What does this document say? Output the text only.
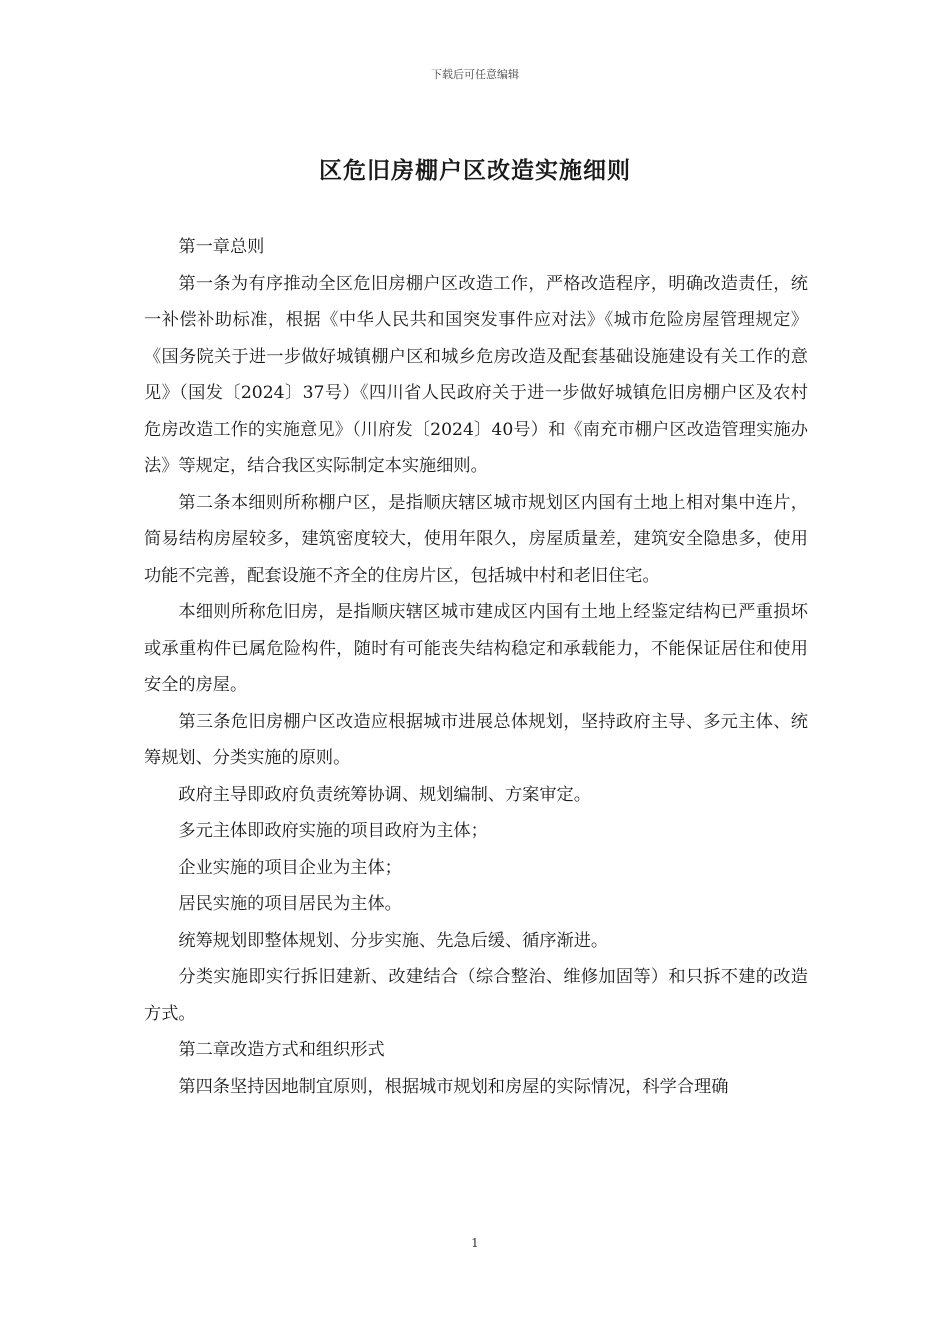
下载后可任意编辑
区危旧房棚户区改造实施细则

第一章总则

第一条为有序推动全区危旧房棚户区改造工作，严格改造程序，明确改造责任，统一补偿补助标准，根据《中华人民共和国突发事件应对法》《城市危险房屋管理规定》《国务院关于进一步做好城镇棚户区和城乡危房改造及配套基础设施建设有关工作的意见》（国发〔2024〕37号）《四川省人民政府关于进一步做好城镇危旧房棚户区及农村危房改造工作的实施意见》（川府发〔2024〕40号）和《南充市棚户区改造管理实施办法》等规定，结合我区实际制定本实施细则。

第二条本细则所称棚户区，是指顺庆辖区城市规划区内国有土地上相对集中连片，简易结构房屋较多，建筑密度较大，使用年限久，房屋质量差，建筑安全隐患多，使用功能不完善，配套设施不齐全的住房片区，包括城中村和老旧住宅。

本细则所称危旧房，是指顺庆辖区城市建成区内国有土地上经鉴定结构已严重损坏或承重构件已属危险构件，随时有可能丧失结构稳定和承载能力，不能保证居住和使用安全的房屋。

第三条危旧房棚户区改造应根据城市进展总体规划，坚持政府主导、多元主体、统筹规划、分类实施的原则。

政府主导即政府负责统筹协调、规划编制、方案审定。

多元主体即政府实施的项目政府为主体；

企业实施的项目企业为主体；

居民实施的项目居民为主体。

统筹规划即整体规划、分步实施、先急后缓、循序渐进。

分类实施即实行拆旧建新、改建结合（综合整治、维修加固等）和只拆不建的改造方式。

第二章改造方式和组织形式

第四条坚持因地制宜原则，根据城市规划和房屋的实际情况，科学合理确

1
